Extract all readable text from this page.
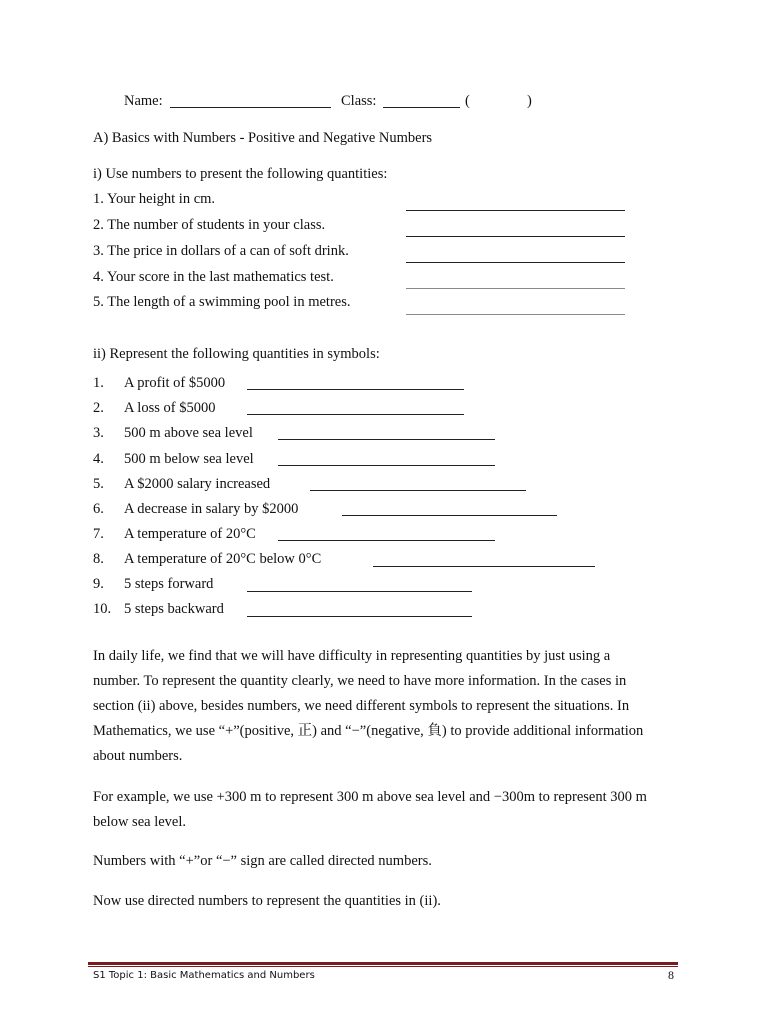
Name:	Class:	(	)
A) Basics with Numbers - Positive and Negative Numbers
i) Use numbers to present the following quantities:
1. Your height in cm.
2. The number of students in your class.
3. The price in dollars of a can of soft drink.
4. Your score in the last mathematics test.
5. The length of a swimming pool in metres.
ii) Represent the following quantities in symbols:
1. A profit of $5000
2. A loss of $5000
3. 500 m above sea level
4. 500 m below sea level
5. A $2000 salary increased
6. A decrease in salary by $2000
7. A temperature of 20°C
8. A temperature of 20°C below 0°C
9. 5 steps forward
10. 5 steps backward
In daily life, we find that we will have difficulty in representing quantities by just using a number. To represent the quantity clearly, we need to have more information. In the cases in section (ii) above, besides numbers, we need different symbols to represent the situations. In Mathematics, we use “+”(positive, 正) and “−”(negative, 負) to provide additional information about numbers.
For example, we use +300 m to represent 300 m above sea level and −300m to represent 300 m below sea level.
Numbers with “+”or “−” sign are called directed numbers.
Now use directed numbers to represent the quantities in (ii).
S1 Topic 1: Basic Mathematics and Numbers	8
